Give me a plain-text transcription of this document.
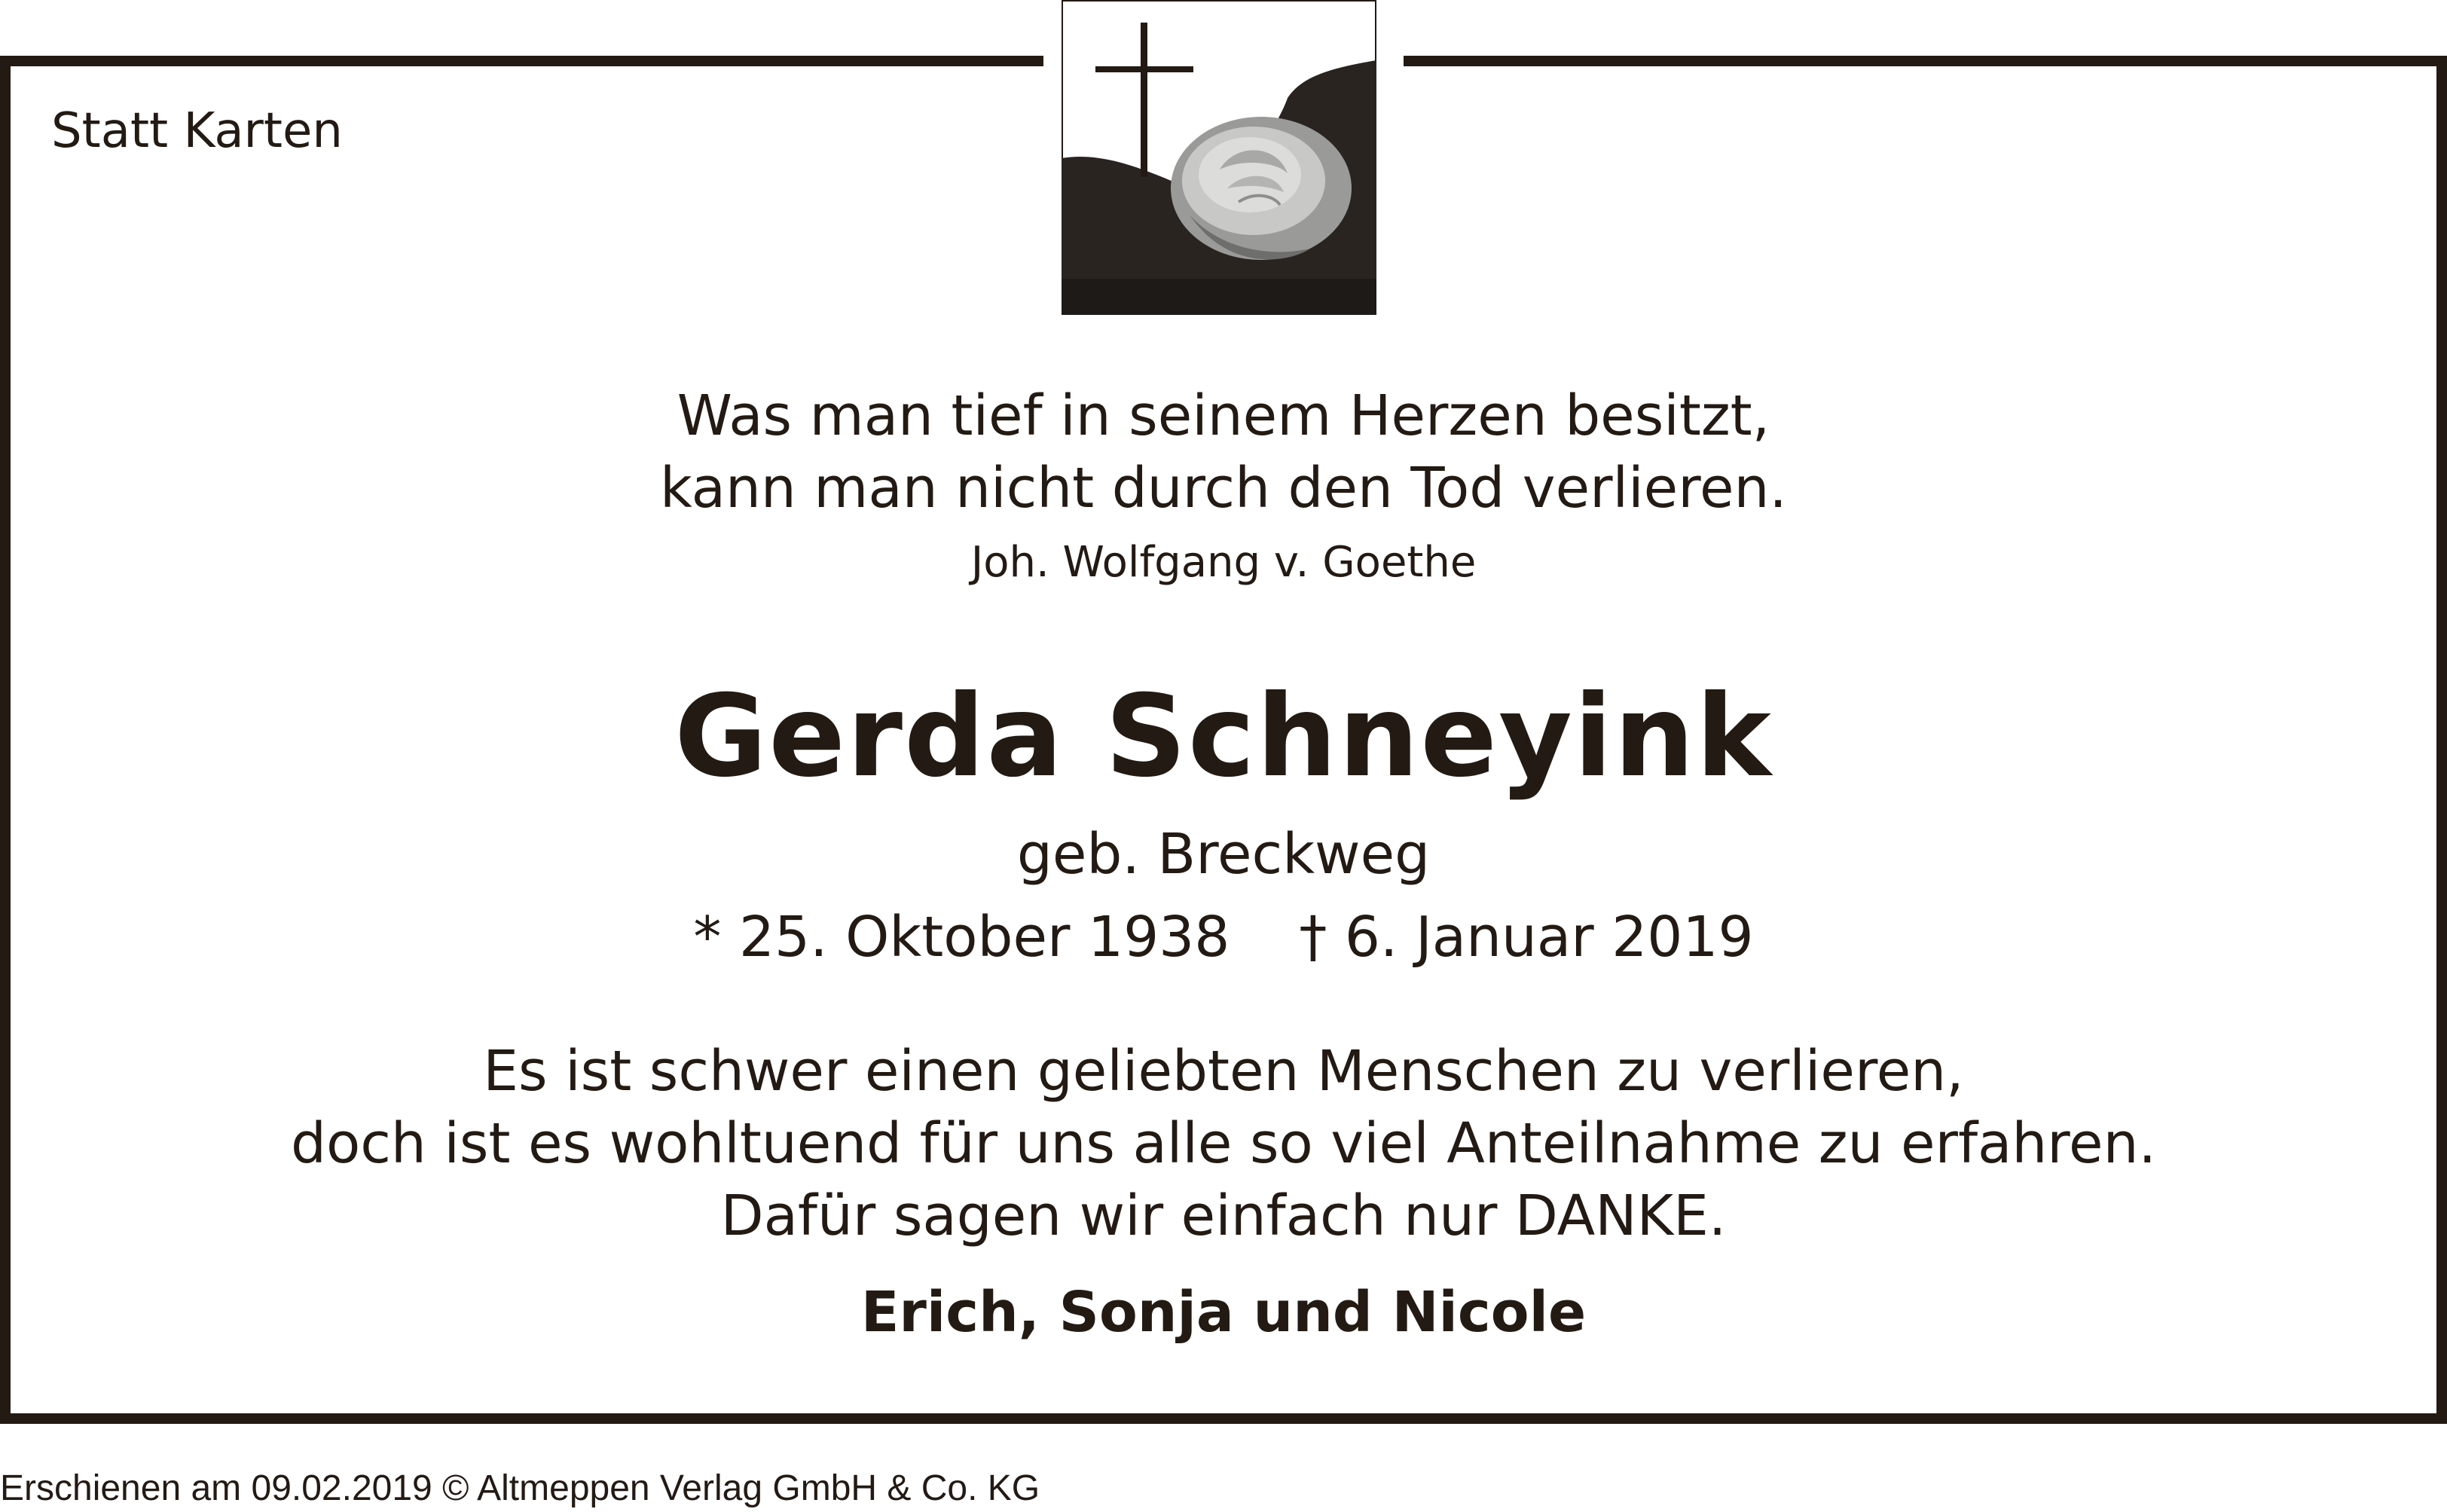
Statt Karten
Was man tief in seinem Herzen besitzt,
kann man nicht durch den Tod verlieren.
Joh. Wolfgang v. Goethe
Gerda Schneyink
geb. Breckweg
* 25. Oktober 1938 † 6. Januar 2019
Es ist schwer einen geliebten Menschen zu verlieren,
doch ist es wohltuend für uns alle so viel Anteilnahme zu erfahren.
Dafür sagen wir einfach nur DANKE.
Erich, Sonja und Nicole
Erschienen am 09.02.2019 © Altmeppen Verlag GmbH & Co. KG
